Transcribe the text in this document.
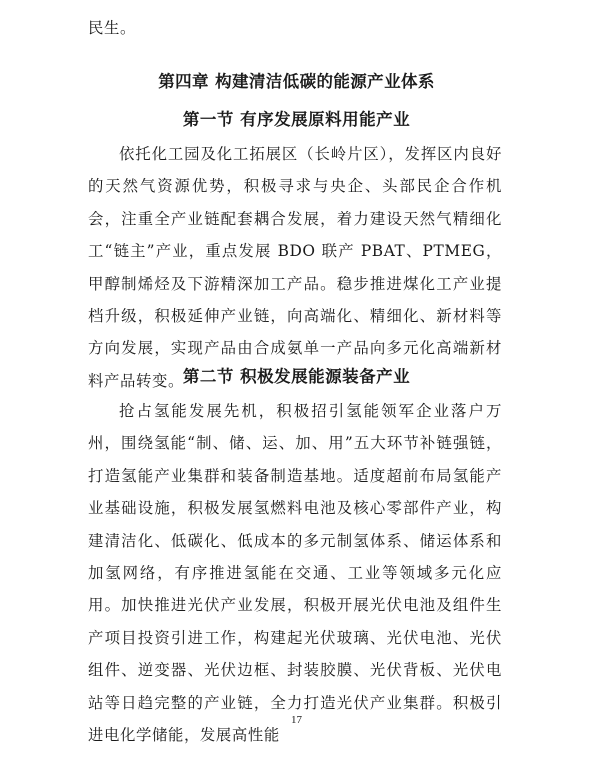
民生。

第四章 构建清洁低碳的能源产业体系
第一节 有序发展原料用能产业

依托化工园及化工拓展区（长岭片区），发挥区内良好的天然气资源优势，积极寻求与央企、头部民企合作机会，注重全产业链配套耦合发展，着力建设天然气精细化工“链主”产业，重点发展 BDO 联产 PBAT、PTMEG，甲醇制烯烃及下游精深加工产品。稳步推进煤化工产业提档升级，积极延伸产业链，向高端化、精细化、新材料等方向发展，实现产品由合成氨单一产品向多元化高端新材料产品转变。

第二节 积极发展能源装备产业

抢占氢能发展先机，积极招引氢能领军企业落户万州，围绕氢能“制、储、运、加、用”五大环节补链强链，打造氢能产业集群和装备制造基地。适度超前布局氢能产业基础设施，积极发展氢燃料电池及核心零部件产业，构建清洁化、低碳化、低成本的多元制氢体系、储运体系和加氢网络，有序推进氢能在交通、工业等领域多元化应用。加快推进光伏产业发展，积极开展光伏电池及组件生产项目投资引进工作，构建起光伏玻璃、光伏电池、光伏组件、逆变器、光伏边框、封装胶膜、光伏背板、光伏电站等日趋完整的产业链，全力打造光伏产业集群。积极引进电化学储能，发展高性能

17
